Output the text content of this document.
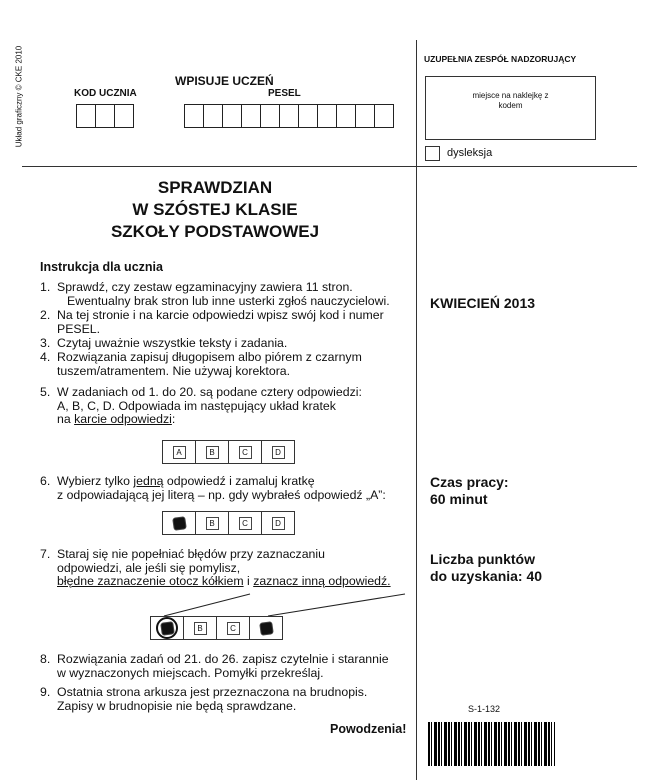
Układ graficzny © CKE 2010	WPISUJE UCZEŃ
KOD UCZNIA	PESEL
UZUPEŁNIA ZESPÓŁ NADZORUJĄCY
miejsce na naklejkę z kodem
dysleksja
SPRAWDZIAN
W SZÓSTEJ KLASIE
SZKOŁY PODSTAWOWEJ
Instrukcja dla ucznia
1. Sprawdź, czy zestaw egzaminacyjny zawiera 11 stron.
Ewentualny brak stron lub inne usterki zgłoś nauczycielowi.
2. Na tej stronie i na karcie odpowiedzi wpisz swój kod i numer
PESEL.
3. Czytaj uważnie wszystkie teksty i zadania.
4. Rozwiązania zapisuj długopisem albo piórem z czarnym
tuszem/atramentem. Nie używaj korektora.
5. W zadaniach od 1. do 20. są podane cztery odpowiedzi:
A, B, C, D. Odpowiada im następujący układ kratek
na karcie odpowiedzi:
A	B	C	D
6. Wybierz tylko jedną odpowiedź i zamaluj kratkę
z odpowiadającą jej literą – np. gdy wybrałeś odpowiedź „A”:
B	C	D
7. Staraj się nie popełniać błędów przy zaznaczaniu
odpowiedzi, ale jeśli się pomylisz,
błędne zaznaczenie otocz kółkiem i zaznacz inną odpowiedź.
B	C
8. Rozwiązania zadań od 21. do 26. zapisz czytelnie i starannie
w wyznaczonych miejscach. Pomyłki przekreślaj.
9. Ostatnia strona arkusza jest przeznaczona na brudnopis.
Zapisy w brudnopisie nie będą sprawdzane.
Powodzenia!
KWIECIEŃ 2013
Czas pracy:
60 minut
Liczba punktów
do uzyskania: 40
S-1-132
